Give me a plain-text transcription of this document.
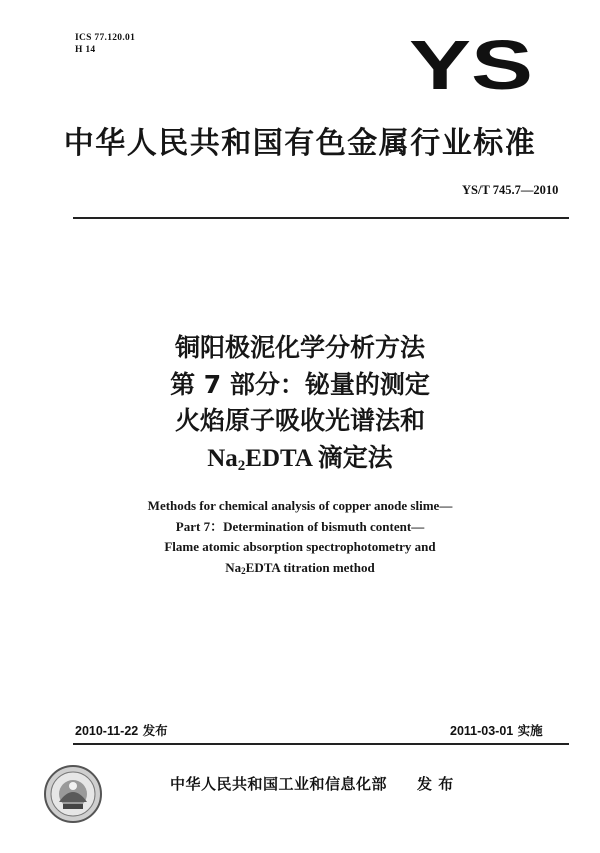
ICS 77.120.01
H 14	YS
中华人民共和国有色金属行业标准
YS/T 745.7—2010
铜阳极泥化学分析方法
第 7 部分：铋量的测定
火焰原子吸收光谱法和
$Na_2EDTA$ 滴定法
Methods for chemical analysis of copper anode slime—
Part 7：Determination of bismuth content—
Flame atomic absorption spectrophotometry and
$Na_2EDTA$ titration method
2010-11-22 发布	2011-03-01 实施
中华人民共和国工业和信息化部 发 布
